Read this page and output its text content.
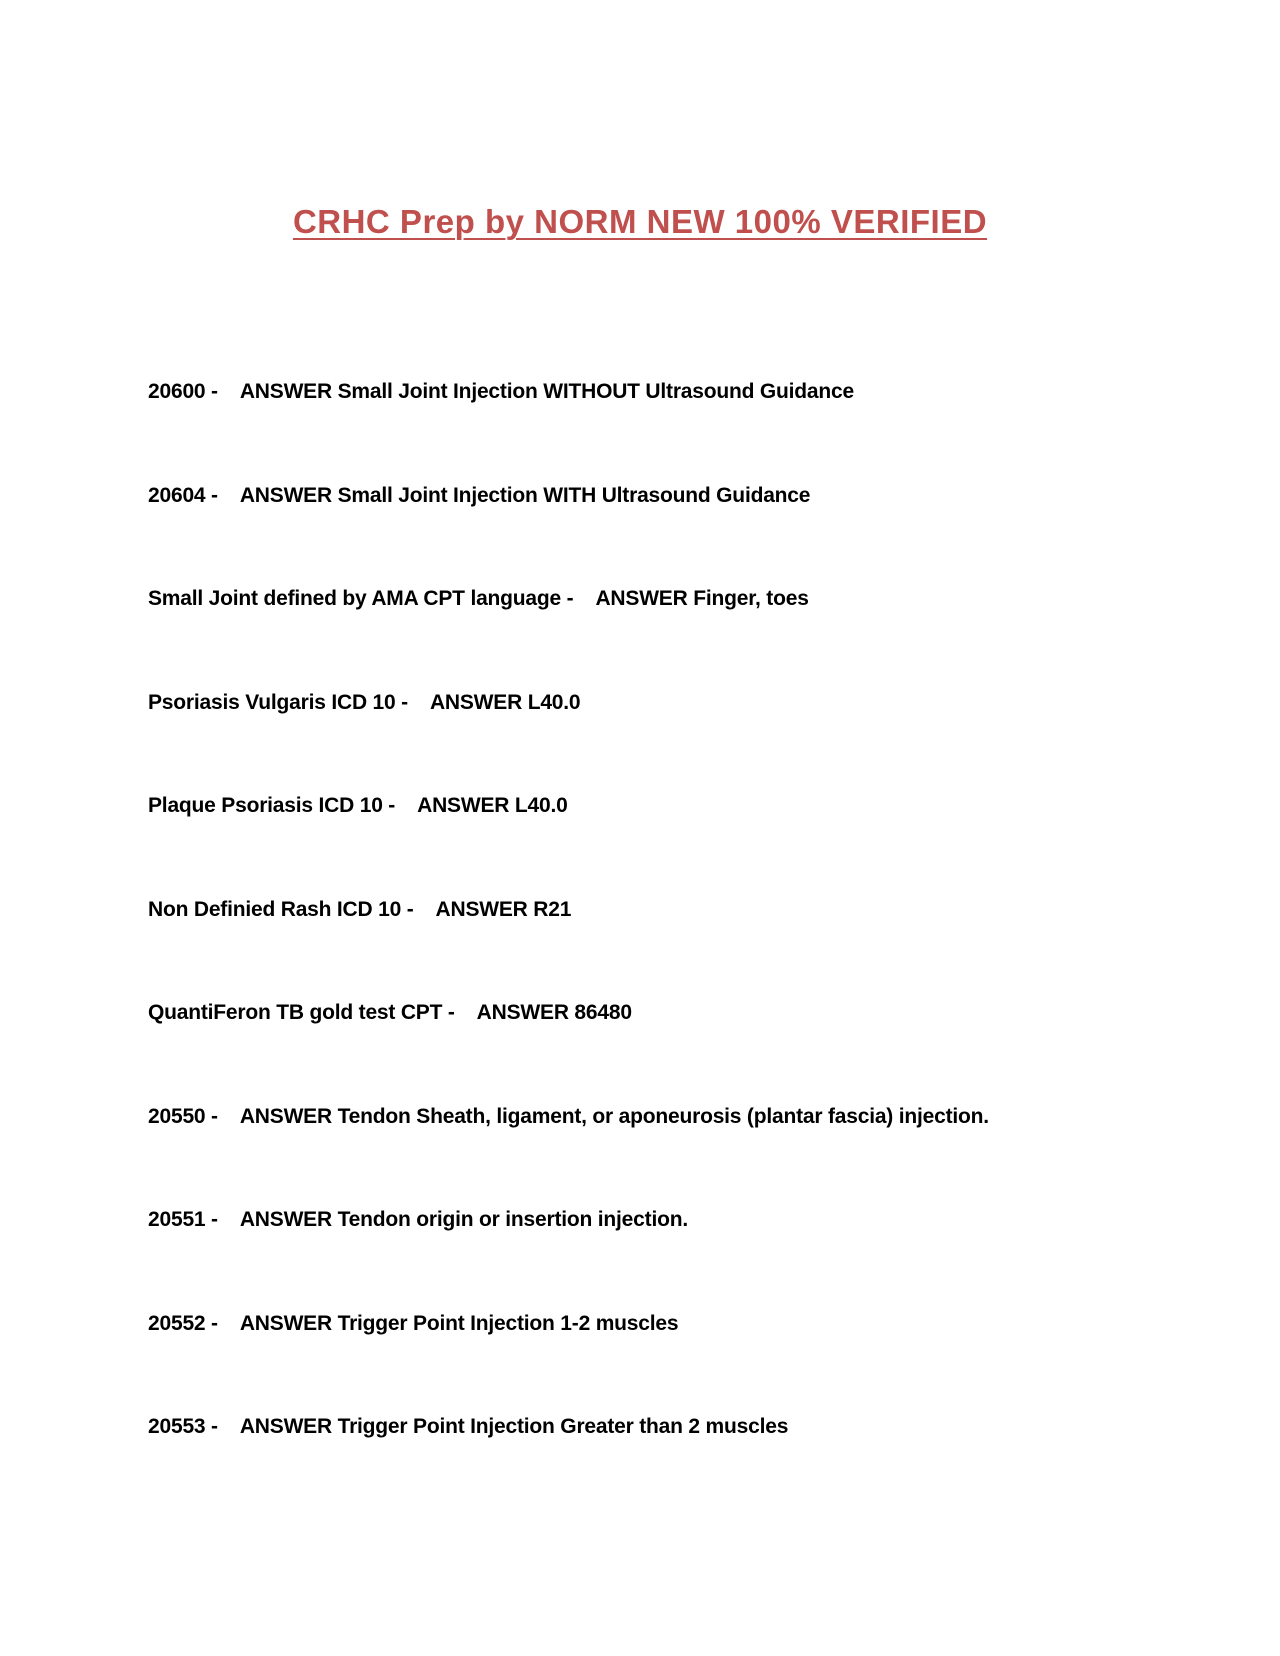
CRHC Prep by NORM NEW 100% VERIFIED
20600 - ANSWER Small Joint Injection WITHOUT Ultrasound Guidance
20604 - ANSWER Small Joint Injection WITH Ultrasound Guidance
Small Joint defined by AMA CPT language - ANSWER Finger, toes
Psoriasis Vulgaris ICD 10 - ANSWER L40.0
Plaque Psoriasis ICD 10 - ANSWER L40.0
Non Definied Rash ICD 10 - ANSWER R21
QuantiFeron TB gold test CPT - ANSWER 86480
20550 - ANSWER Tendon Sheath, ligament, or aponeurosis (plantar fascia) injection.
20551 - ANSWER Tendon origin or insertion injection.
20552 - ANSWER Trigger Point Injection 1-2 muscles
20553 - ANSWER Trigger Point Injection Greater than 2 muscles
